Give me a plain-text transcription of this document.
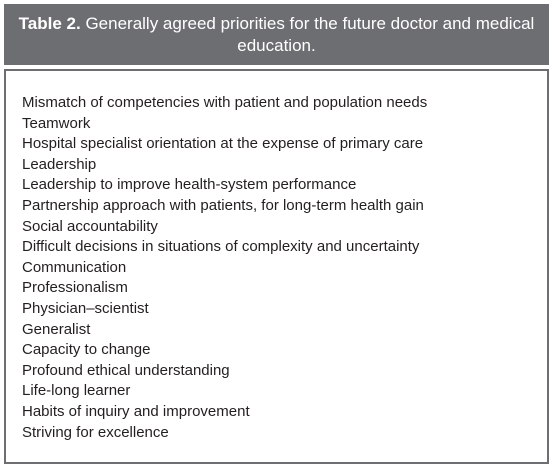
Table 2. Generally agreed priorities for the future doctor and medical education.
Mismatch of competencies with patient and population needs
Teamwork
Hospital specialist orientation at the expense of primary care
Leadership
Leadership to improve health-system performance
Partnership approach with patients, for long-term health gain
Social accountability
Difficult decisions in situations of complexity and uncertainty
Communication
Professionalism
Physician–scientist
Generalist
Capacity to change
Profound ethical understanding
Life-long learner
Habits of inquiry and improvement
Striving for excellence
